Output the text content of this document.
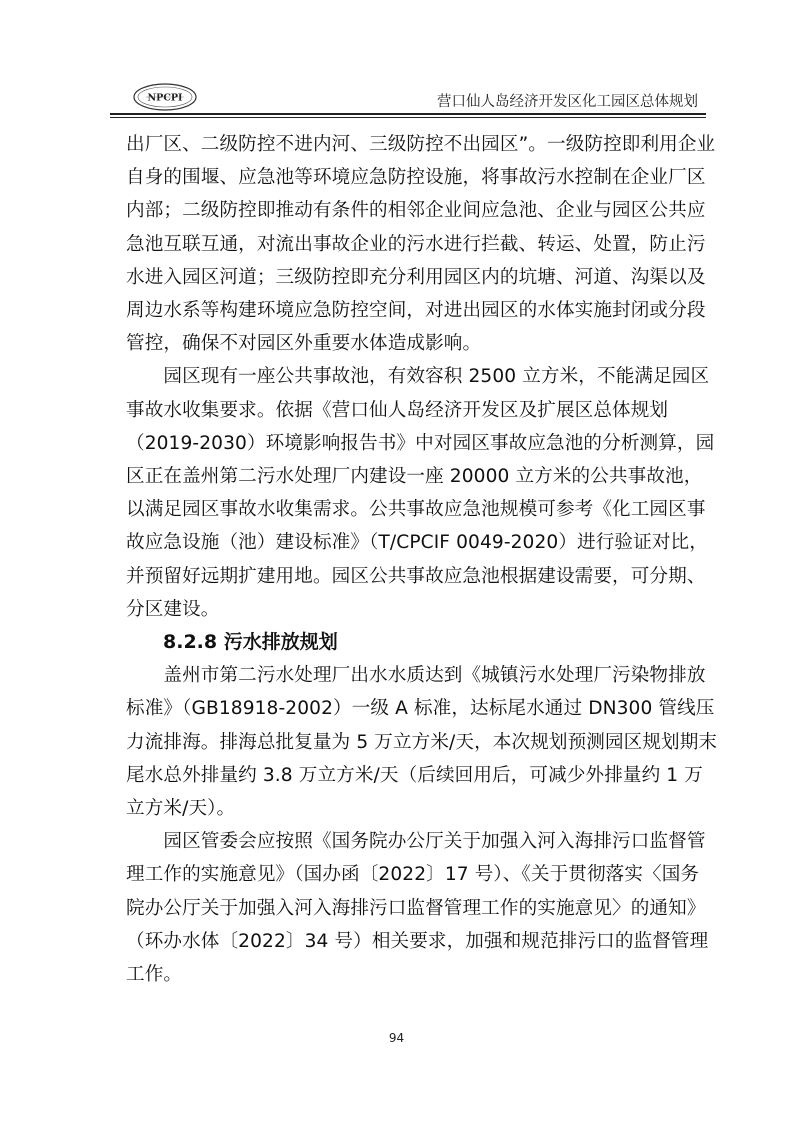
NPCPI	营口仙人岛经济开发区化工园区总体规划

出厂区、二级防控不进内河、三级防控不出园区”。一级防控即利用企业
自身的围堰、应急池等环境应急防控设施，将事故污水控制在企业厂区
内部；二级防控即推动有条件的相邻企业间应急池、企业与园区公共应
急池互联互通，对流出事故企业的污水进行拦截、转运、处置，防止污
水进入园区河道；三级防控即充分利用园区内的坑塘、河道、沟渠以及
周边水系等构建环境应急防控空间，对进出园区的水体实施封闭或分段
管控，确保不对园区外重要水体造成影响。

　　园区现有一座公共事故池，有效容积 2500 立方米，不能满足园区
事故水收集要求。依据《营口仙人岛经济开发区及扩展区总体规划
（2019-2030）环境影响报告书》中对园区事故应急池的分析测算，园
区正在盖州第二污水处理厂内建设一座 20000 立方米的公共事故池，
以满足园区事故水收集需求。公共事故应急池规模可参考《化工园区事
故应急设施（池）建设标准》（T/CPCIF 0049-2020）进行验证对比，
并预留好远期扩建用地。园区公共事故应急池根据建设需要，可分期、
分区建设。

8.2.8 污水排放规划

　　盖州市第二污水处理厂出水水质达到《城镇污水处理厂污染物排放
标准》（GB18918-2002）一级 A 标准，达标尾水通过 DN300 管线压
力流排海。排海总批复量为 5 万立方米/天，本次规划预测园区规划期末
尾水总外排量约 3.8 万立方米/天（后续回用后，可减少外排量约 1 万
立方米/天）。

　　园区管委会应按照《国务院办公厅关于加强入河入海排污口监督管
理工作的实施意见》（国办函〔2022〕17 号）、《关于贯彻落实〈国务
院办公厅关于加强入河入海排污口监督管理工作的实施意见〉的通知》
（环办水体〔2022〕34 号）相关要求，加强和规范排污口的监督管理
工作。

94
